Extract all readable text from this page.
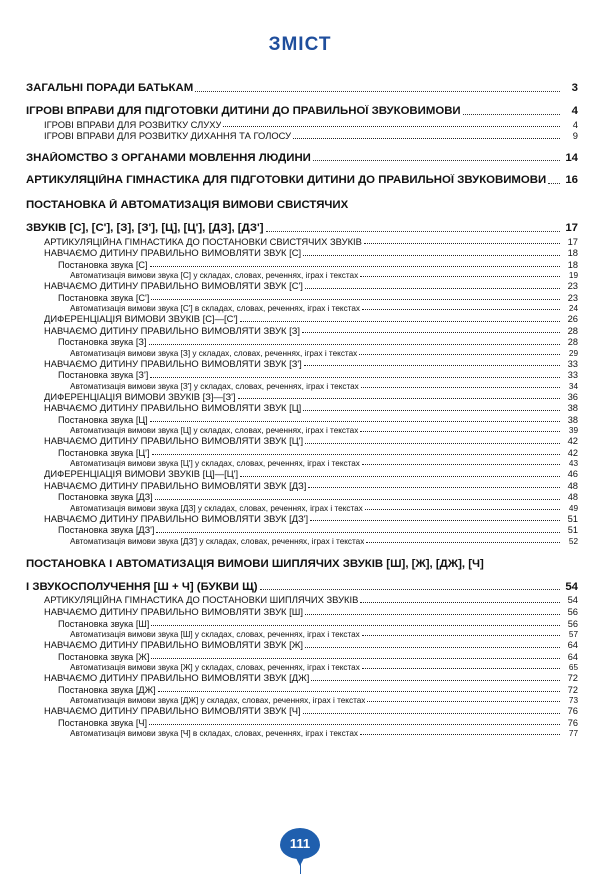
ЗМІСТ
ЗАГАЛЬНІ ПОРАДИ БАТЬКАМ	3
ІГРОВІ ВПРАВИ ДЛЯ ПІДГОТОВКИ ДИТИНИ ДО ПРАВИЛЬНОЇ ЗВУКОВИМОВИ	4
ІГРОВІ ВПРАВИ ДЛЯ РОЗВИТКУ СЛУХУ	4
ІГРОВІ ВПРАВИ ДЛЯ РОЗВИТКУ ДИХАННЯ ТА ГОЛОСУ	9
ЗНАЙОМСТВО З ОРГАНАМИ МОВЛЕННЯ ЛЮДИНИ	14
АРТИКУЛЯЦІЙНА ГІМНАСТИКА ДЛЯ ПІДГОТОВКИ ДИТИНИ ДО ПРАВИЛЬНОЇ ЗВУКОВИМОВИ 16
ПОСТАНОВКА Й АВТОМАТИЗАЦІЯ ВИМОВИ СВИСТЯЧИХ
ЗВУКІВ [С], [С'], [З], [З'], [Ц], [Ц'], [ДЗ], [ДЗ']	17
АРТИКУЛЯЦІЙНА ГІМНАСТИКА ДО ПОСТАНОВКИ СВИСТЯЧИХ ЗВУКІВ	17
НАВЧАЄМО ДИТИНУ ПРАВИЛЬНО ВИМОВЛЯТИ ЗВУК [С]	18
Постановка звука [С]	18
Автоматизація вимови звука [С] у складах, словах, реченнях, іграх і текстах	19
НАВЧАЄМО ДИТИНУ ПРАВИЛЬНО ВИМОВЛЯТИ ЗВУК [С']	23
Постановка звука [С']	23
Автоматизація вимови звука [С'] в складах, словах, реченнях, іграх і текстах	24
ДИФЕРЕНЦІАЦІЯ ВИМОВИ ЗВУКІВ [С]—[С']	26
НАВЧАЄМО ДИТИНУ ПРАВИЛЬНО ВИМОВЛЯТИ ЗВУК [З]	28
Постановка звука [З]	28
Автоматизація вимови звука [З] у складах, словах, реченнях, іграх і текстах	29
НАВЧАЄМО ДИТИНУ ПРАВИЛЬНО ВИМОВЛЯТИ ЗВУК [З']	33
Постановка звука [З']	33
Автоматизація вимови звука [З'] у складах, словах, реченнях, іграх і текстах	34
ДИФЕРЕНЦІАЦІЯ ВИМОВИ ЗВУКІВ [З]—[З']	36
НАВЧАЄМО ДИТИНУ ПРАВИЛЬНО ВИМОВЛЯТИ ЗВУК [Ц]	38
Постановка звука [Ц]	38
Автоматизація вимови звука [Ц] у складах, словах, реченнях, іграх і текстах	39
НАВЧАЄМО ДИТИНУ ПРАВИЛЬНО ВИМОВЛЯТИ ЗВУК [Ц']	42
Постановка звука [Ц']	42
Автоматизація вимови звука [Ц'] у складах, словах, реченнях, іграх і текстах	43
ДИФЕРЕНЦІАЦІЯ ВИМОВИ ЗВУКІВ [Ц]—[Ц']	46
НАВЧАЄМО ДИТИНУ ПРАВИЛЬНО ВИМОВЛЯТИ ЗВУК [ДЗ]	48
Постановка звука [ДЗ]	48
Автоматизація вимови звука [ДЗ] у складах, словах, реченнях, іграх і текстах	49
НАВЧАЄМО ДИТИНУ ПРАВИЛЬНО ВИМОВЛЯТИ ЗВУК [ДЗ']	51
Постановка звука [ДЗ']	51
Автоматизація вимови звука [ДЗ'] у складах, словах, реченнях, іграх і текстах	52
ПОСТАНОВКА І АВТОМАТИЗАЦІЯ ВИМОВИ ШИПЛЯЧИХ ЗВУКІВ [Ш], [Ж], [ДЖ], [Ч]
І ЗВУКОСПОЛУЧЕННЯ [Ш + Ч] (БУКВИ Щ)	54
АРТИКУЛЯЦІЙНА ГІМНАСТИКА ДО ПОСТАНОВКИ ШИПЛЯЧИХ ЗВУКІВ	54
НАВЧАЄМО ДИТИНУ ПРАВИЛЬНО ВИМОВЛЯТИ ЗВУК [Ш]	56
Постановка звука [Ш]	56
Автоматизація вимови звука [Ш] у складах, словах, реченнях, іграх і текстах	57
НАВЧАЄМО ДИТИНУ ПРАВИЛЬНО ВИМОВЛЯТИ ЗВУК [Ж]	64
Постановка звука [Ж]	64
Автоматизація вимови звука [Ж] у складах, словах, реченнях, іграх і текстах	65
НАВЧАЄМО ДИТИНУ ПРАВИЛЬНО ВИМОВЛЯТИ ЗВУК [ДЖ]	72
Постановка звука [ДЖ]	72
Автоматизація вимови звука [ДЖ] у складах, словах, реченнях, іграх і текстах	73
НАВЧАЄМО ДИТИНУ ПРАВИЛЬНО ВИМОВЛЯТИ ЗВУК [Ч]	76
Постановка звука [Ч]	76
Автоматизація вимови звука [Ч] в складах, словах, реченнях, іграх і текстах	77
111
